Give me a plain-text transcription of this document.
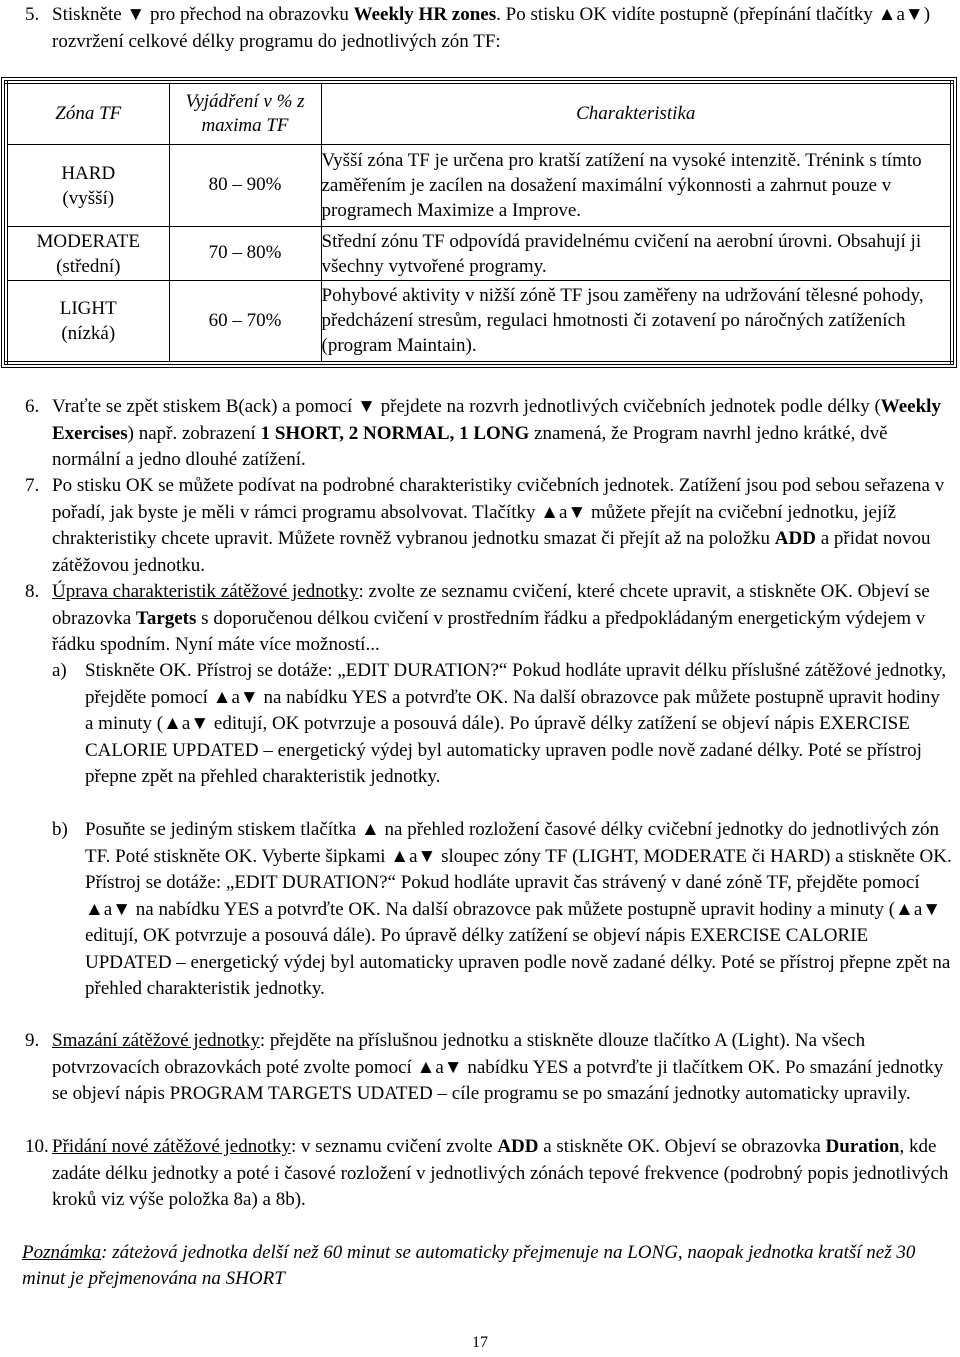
5. Stiskněte ▼ pro přechod na obrazovku Weekly HR zones. Po stisku OK vidíte postupně (přepínání tlačítky ▲a▼) rozvržení celkové délky programu do jednotlivých zón TF:
Zóna TF	Vyjádření v % z maxima TF	Charakteristika

HARD
(vyšší)	80 – 90%	Vyšší zóna TF je určena pro kratší zatížení na vysoké intenzitě. Trénink s tímto zaměřením je zacílen na dosažení maximální výkonnosti a zahrnut pouze v programech Maximize a Improve.

MODERATE
(střední)	70 – 80%	Střední zónu TF odpovídá pravidelnému cvičení na aerobní úrovni. Obsahují ji všechny vytvořené programy.

LIGHT
(nízká)	60 – 70%	Pohybové aktivity v nižší zóně TF jsou zaměřeny na udržování tělesné pohody, předcházení stresům, regulaci hmotnosti či zotavení po náročných zatíženích (program Maintain).
6. Vraťte se zpět stiskem B(ack) a pomocí ▼ přejdete na rozvrh jednotlivých cvičebních jednotek podle délky (Weekly Exercises) např. zobrazení 1 SHORT, 2 NORMAL, 1 LONG znamená, že Program navrhl jedno krátké, dvě normální a jedno dlouhé zatížení.
7. Po stisku OK se můžete podívat na podrobné charakteristiky cvičebních jednotek. Zatížení jsou pod sebou seřazena v pořadí, jak byste je měli v rámci programu absolvovat. Tlačítky ▲a▼ můžete přejít na cvičební jednotku, jejíž chrakteristiky chcete upravit. Můžete rovněž vybranou jednotku smazat či přejít až na položku ADD a přidat novou zátěžovou jednotku.
8. Úprava charakteristik zátěžové jednotky: zvolte ze seznamu cvičení, které chcete upravit, a stiskněte OK. Objeví se obrazovka Targets s doporučenou délkou cvičení v prostředním řádku a předpokládaným energetickým výdejem v řádku spodním. Nyní máte více možností...
a) Stiskněte OK. Přístroj se dotáže: „EDIT DURATION?“ Pokud hodláte upravit délku příslušné zátěžové jednotky, přejděte pomocí ▲a▼ na nabídku YES a potvrďte OK. Na další obrazovce pak můžete postupně upravit hodiny a minuty (▲a▼ editují, OK potvrzuje a posouvá dále). Po úpravě délky zatížení se objeví nápis EXERCISE CALORIE UPDATED – energetický výdej byl automaticky upraven podle nově zadané délky. Poté se přístroj přepne zpět na přehled charakteristik jednotky.
b) Posuňte se jediným stiskem tlačítka ▲ na přehled rozložení časové délky cvičební jednotky do jednotlivých zón TF. Poté stiskněte OK. Vyberte šipkami ▲a▼ sloupec zóny TF (LIGHT, MODERATE či HARD) a stiskněte OK. Přístroj se dotáže: „EDIT DURATION?“ Pokud hodláte upravit čas strávený v dané zóně TF, přejděte pomocí ▲a▼ na nabídku YES a potvrďte OK. Na další obrazovce pak můžete postupně upravit hodiny a minuty (▲a▼ editují, OK potvrzuje a posouvá dále). Po úpravě délky zatížení se objeví nápis EXERCISE CALORIE UPDATED – energetický výdej byl automaticky upraven podle nově zadané délky. Poté se přístroj přepne zpět na přehled charakteristik jednotky.
9. Smazání zátěžové jednotky: přejděte na příslušnou jednotku a stiskněte dlouze tlačítko A (Light). Na všech potvrzovacích obrazovkách poté zvolte pomocí ▲a▼ nabídku YES a potvrďte ji tlačítkem OK. Po smazání jednotky se objeví nápis PROGRAM TARGETS UDATED – cíle programu se po smazání jednotky automaticky upravily.
10. Přidání nové zátěžové jednotky: v seznamu cvičení zvolte ADD a stiskněte OK. Objeví se obrazovka Duration, kde zadáte délku jednotky a poté i časové rozložení v jednotlivých zónách tepové frekvence (podrobný popis jednotlivých kroků viz výše položka 8a) a 8b).
Poznámka: záteżová jednotka delší než 60 minut se automaticky přejmenuje na LONG, naopak jednotka kratší než 30 minut je přejmenována na SHORT
17
